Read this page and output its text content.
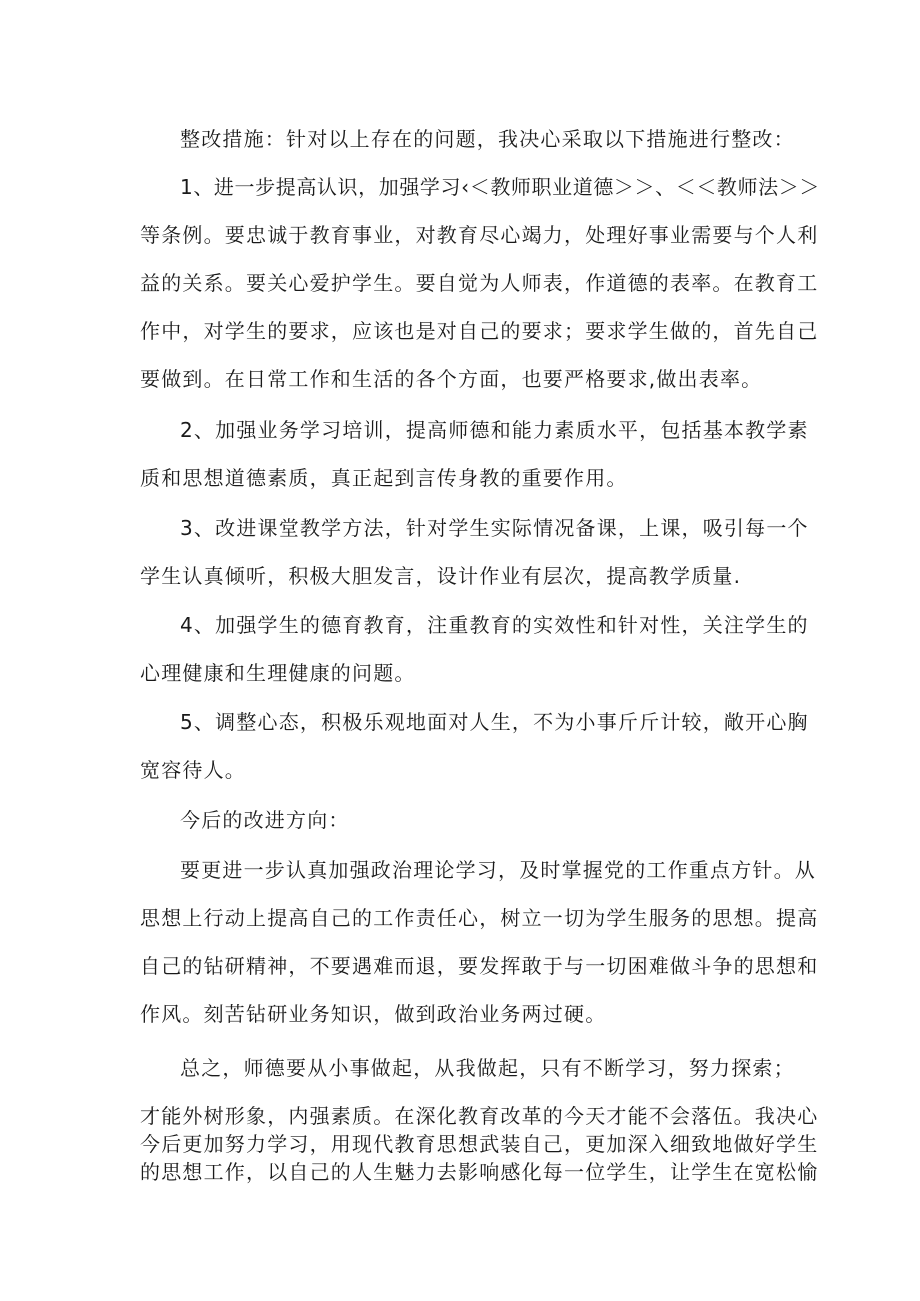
整改措施：针对以上存在的问题，我决心采取以下措施进行整改：
1、进一步提高认识，加强学习‹＜教师职业道德＞＞、＜＜教师法＞＞
等条例。要忠诚于教育事业，对教育尽心竭力，处理好事业需要与个人利
益的关系。要关心爱护学生。要自觉为人师表，作道德的表率。在教育工
作中，对学生的要求，应该也是对自己的要求；要求学生做的，首先自己
要做到。在日常工作和生活的各个方面，也要严格要求,做出表率。
2、加强业务学习培训，提高师德和能力素质水平，包括基本教学素
质和思想道德素质，真正起到言传身教的重要作用。
3、改进课堂教学方法，针对学生实际情况备课，上课，吸引每一个
学生认真倾听，积极大胆发言，设计作业有层次，提高教学质量.
4、加强学生的德育教育，注重教育的实效性和针对性，关注学生的
心理健康和生理健康的问题。
5、调整心态，积极乐观地面对人生，不为小事斤斤计较，敞开心胸
宽容待人。
今后的改进方向：
要更进一步认真加强政治理论学习，及时掌握党的工作重点方针。从
思想上行动上提高自己的工作责任心，树立一切为学生服务的思想。提高
自己的钻研精神，不要遇难而退，要发挥敢于与一切困难做斗争的思想和
作风。刻苦钻研业务知识，做到政治业务两过硬。
总之，师德要从小事做起，从我做起，只有不断学习，努力探索；
才能外树形象，内强素质。在深化教育改革的今天才能不会落伍。我决心
今后更加努力学习，用现代教育思想武装自己，更加深入细致地做好学生
的思想工作，以自己的人生魅力去影响感化每一位学生，让学生在宽松愉
